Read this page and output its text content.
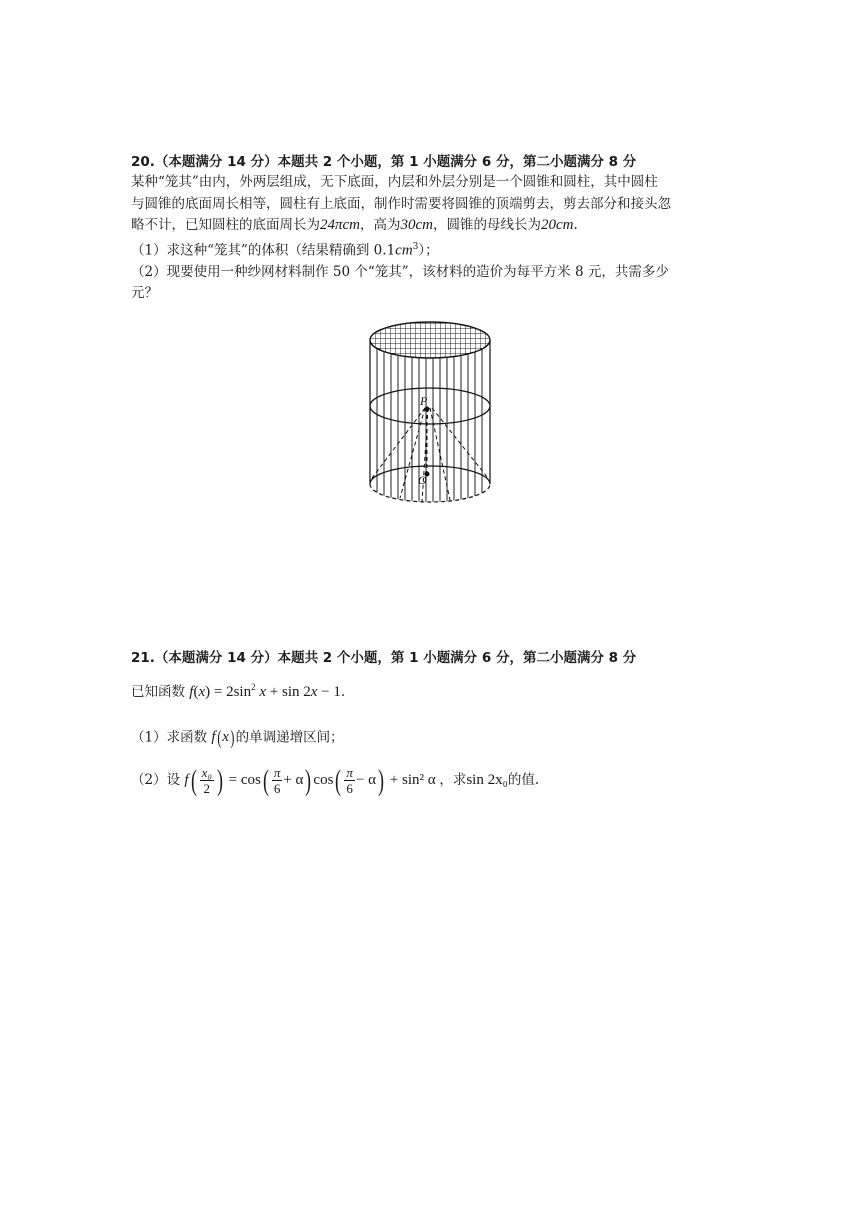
20.（本题满分 14 分）本题共 2 个小题，第 1 小题满分 6 分，第二小题满分 8 分
某种“笼其”由内，外两层组成，无下底面，内层和外层分别是一个圆锥和圆柱，其中圆柱
与圆锥的底面周长相等，圆柱有上底面，制作时需要将圆锥的顶端剪去，剪去部分和接头忽
略不计，已知圆柱的底面周长为24πcm，高为30cm，圆锥的母线长为20cm.
（1）求这种“笼其”的体积（结果精确到 $0.1cm^3$）；
（2）现要使用一种纱网材料制作 50 个“笼其”，该材料的造价为每平方米 8 元，共需多少
元？
P
O
21.（本题满分 14 分）本题共 2 个小题，第 1 小题满分 6 分，第二小题满分 8 分
已知函数 $f(x) = 2\sin^2$ x + sin 2x − 1.
（1）求函数 f(x)的单调递增区间；
（2）设 $f( \frac{\text{x₀}}{2}$ ) = $\cos( \frac{\pi}{6} + \alpha)$ $\cos( \frac{\pi}{6} - \alpha) + \sin^2$ α ，求sin 2x₀的值.
